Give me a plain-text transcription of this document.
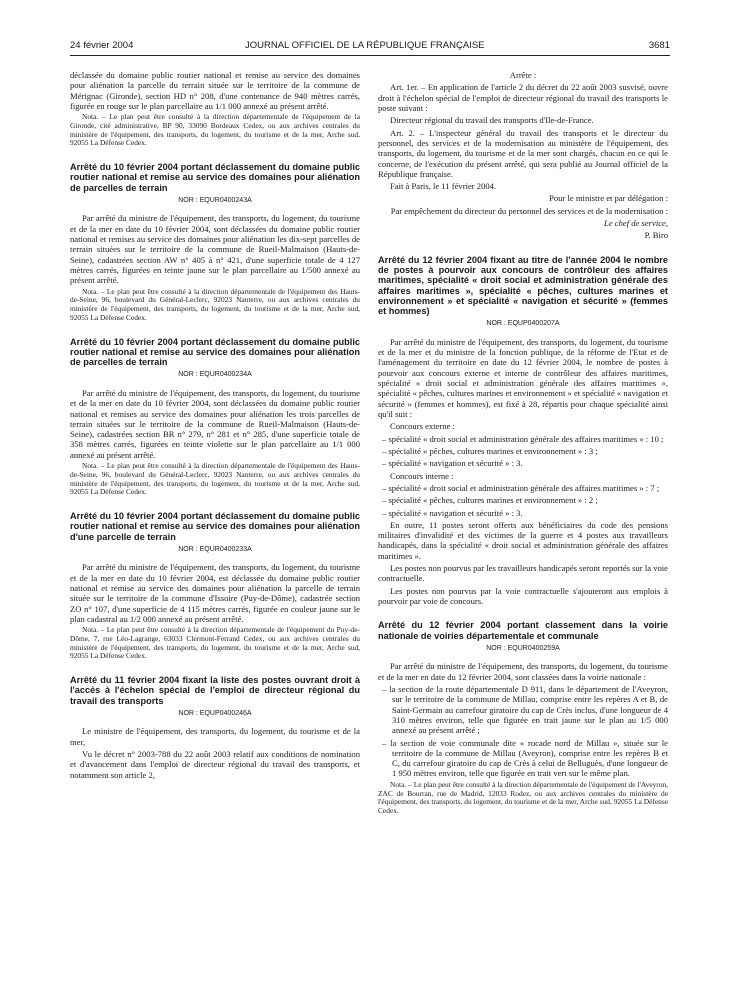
24 février 2004	JOURNAL OFFICIEL DE LA RÉPUBLIQUE FRANÇAISE	3681

déclassée du domaine public routier national et remise au service des domaines pour aliénation la parcelle du terrain située sur le territoire de la commune de Mérignac (Gironde), section HD n° 208, d'une contenance de 940 mètres carrés, figurée en rouge sur le plan parcellaire au 1/1 000 annexé au présent arrêté.

Nota. – Le plan peut être consulté à la direction départementale de l'équipement de la Gironde, cité administrative, BP 90, 33090 Bordeaux Cedex, ou aux archives centrales du ministère de l'équipement, des transports, du logement, du tourisme et de la mer, Arche sud, 92055 La Défense Cedex.

Arrêté du 10 février 2004 portant déclassement du domaine public routier national et remise au service des domaines pour aliénation de parcelles de terrain
NOR : EQUR0400243A

Par arrêté du ministre de l'équipement, des transports, du logement, du tourisme et de la mer en date du 10 février 2004, sont déclassées du domaine public routier national et remises au service des domaines pour aliénation les dix-sept parcelles de terrain situées sur le territoire de la commune de Rueil-Malmaison (Hauts-de-Seine), cadastrées section AW n° 405 à n° 421, d'une superficie totale de 4 127 mètres carrés, figurées en teinte jaune sur le plan parcellaire au 1/500 annexé au présent arrêté.

Nota. – Le plan peut être consulté à la direction départementale de l'équipement des Hauts-de-Seine, 96, boulevard du Général-Leclerc, 92023 Nanterre, ou aux archives centrales du ministère de l'équipement, des transports, du logement, du tourisme et de la mer, Arche sud, 92055 La Défense Cedex.

Arrêté du 10 février 2004 portant déclassement du domaine public routier national et remise au service des domaines pour aliénation de parcelles de terrain
NOR : EQUR0400234A

Par arrêté du ministre de l'équipement, des transports, du logement, du tourisme et de la mer en date du 10 février 2004, sont déclassées du domaine public routier national et remises au service des domaines pour aliénation les trois parcelles de terrain situées sur le territoire de la commune de Rueil-Malmaison (Hauts-de-Seine), cadastrées section BR n° 279, n° 281 et n° 285, d'une superficie totale de 358 mètres carrés, figurées en teinte violette sur le plan parcellaire au 1/1 000 annexé au présent arrêté.

Nota. – Le plan peut être consulté à la direction départementale de l'équipement des Hauts-de-Seine, 96, boulevard du Général-Leclerc, 92023 Nanterre, ou aux archives centrales du ministère de l'équipement, des transports, du logement, du tourisme et de la mer, Arche sud, 92055 La Défense Cedex.

Arrêté du 10 février 2004 portant déclassement du domaine public routier national et remise au service des domaines pour aliénation d'une parcelle de terrain
NOR : EQUR0400233A

Par arrêté du ministre de l'équipement, des transports, du logement, du tourisme et de la mer en date du 10 février 2004, est déclassée du domaine public routier national et remise au service des domaines pour aliénation la parcelle de terrain située sur le territoire de la commune d'Issoire (Puy-de-Dôme), cadastrée section ZO n° 107, d'une superficie de 4 115 mètres carrés, figurée en couleur jaune sur le plan cadastral au 1/2 000 annexé au présent arrêté.

Nota. – Le plan peut être consulté à la direction départementale de l'équipement du Puy-de-Dôme, 7, rue Léo-Lagrange, 63033 Clermont-Ferrand Cedex, ou aux archives centrales du ministère de l'équipement, des transports, du logement, du tourisme et de la mer, Arche sud, 92055 La Défense Cedex.

Arrêté du 11 février 2004 fixant la liste des postes ouvrant droit à l'accès à l'échelon spécial de l'emploi de directeur régional du travail des transports
NOR : EQUP0400246A

Le ministre de l'équipement, des transports, du logement, du tourisme et de la mer,

Vu le décret n° 2003-788 du 22 août 2003 relatif aux conditions de nomination et d'avancement dans l'emploi de directeur régional du travail des transports, et notamment son article 2,

Arrête :

Art. 1er. – En application de l'article 2 du décret du 22 août 2003 susvisé, ouvre droit à l'échelon spécial de l'emploi de directeur régional du travail des transports le poste suivant :

Directeur régional du travail des transports d'Ile-de-France.

Art. 2. – L'inspecteur général du travail des transports et le directeur du personnel, des services et de la modernisation au ministère de l'équipement, des transports, du logement, du tourisme et de la mer sont chargés, chacun en ce qui le concerne, de l'exécution du présent arrêté, qui sera publié au Journal officiel de la République française.

Fait à Paris, le 11 février 2004.

Pour le ministre et par délégation :

Par empêchement du directeur du personnel des services et de la modernisation :

Le chef de service,

P. Biro

Arrêté du 12 février 2004 fixant au titre de l'année 2004 le nombre de postes à pourvoir aux concours de contrôleur des affaires maritimes, spécialité « droit social et administration générale des affaires maritimes », spécialité « pêches, cultures marines et environnement » et spécialité « navigation et sécurité » (femmes et hommes)
NOR : EQUP0400207A

Par arrêté du ministre de l'équipement, des transports, du logement, du tourisme et de la mer et du ministre de la fonction publique, de la réforme de l'Etat et de l'aménagement du territoire en date du 12 février 2004, le nombre de postes à pourvoir aux concours externe et interne de contrôleur des affaires maritimes, spécialité « droit social et administration générale des affaires maritimes », spécialité « pêches, cultures marines et environnement » et spécialité « navigation et sécurité » (femmes et hommes), est fixé à 28, répartis pour chaque spécialité ainsi qu'il suit :

Concours externe :

– spécialité « droit social et administration générale des affaires maritimes » : 10 ;

– spécialité « pêches, cultures marines et environnement » : 3 ;

– spécialité « navigation et sécurité » : 3.

Concours interne :

– spécialité « droit social et administration générale des affaires maritimes » : 7 ;

– spécialité « pêches, cultures marines et environnement » : 2 ;

– spécialité « navigation et sécurité » : 3.

En outre, 11 postes seront offerts aux bénéficiaires du code des pensions militaires d'invalidité et des victimes de la guerre et 4 postes aux travailleurs handicapés, dans la spécialité « droit social et administration générale des affaires maritimes ».

Les postes non pourvus par les travailleurs handicapés seront reportés sur la voie contractuelle.

Les postes non pourvus par la voie contractuelle s'ajouteront aux emplois à pourvoir par voie de concours.

Arrêté du 12 février 2004 portant classement dans la voirie nationale de voiries départementale et communale
NOR : EQUR0400259A

Par arrêté du ministre de l'équipement, des transports, du logement, du tourisme et de la mer en date du 12 février 2004, sont classées dans la voirie nationale :

– la section de la route départementale D 911, dans le département de l'Aveyron, sur le territoire de la commune de Millau, comprise entre les repères A et B, de Saint-Germain au carrefour giratoire du cap de Crès inclus, d'une longueur de 4 310 mètres environ, telle que figurée en trait jaune sur le plan au 1/5 000 annexé au présent arrêté ;

– la section de voie communale dite « rocade nord de Millau », située sur le territoire de la commune de Millau (Aveyron), comprise entre les repères B et C, du carrefour giratoire du cap de Crès à celui de Belluguès, d'une longueur de 1 950 mètres environ, telle que figurée en trait vert sur le même plan.

Nota. – Le plan peut être consulté à la direction départementale de l'équipement de l'Aveyron, ZAC de Bourran, rue de Madrid, 12033 Rodez, ou aux archives centrales du ministère de l'équipement, des transports, du logement, du tourisme et de la mer, Arche sud, 92055 La Défense Cedex.
